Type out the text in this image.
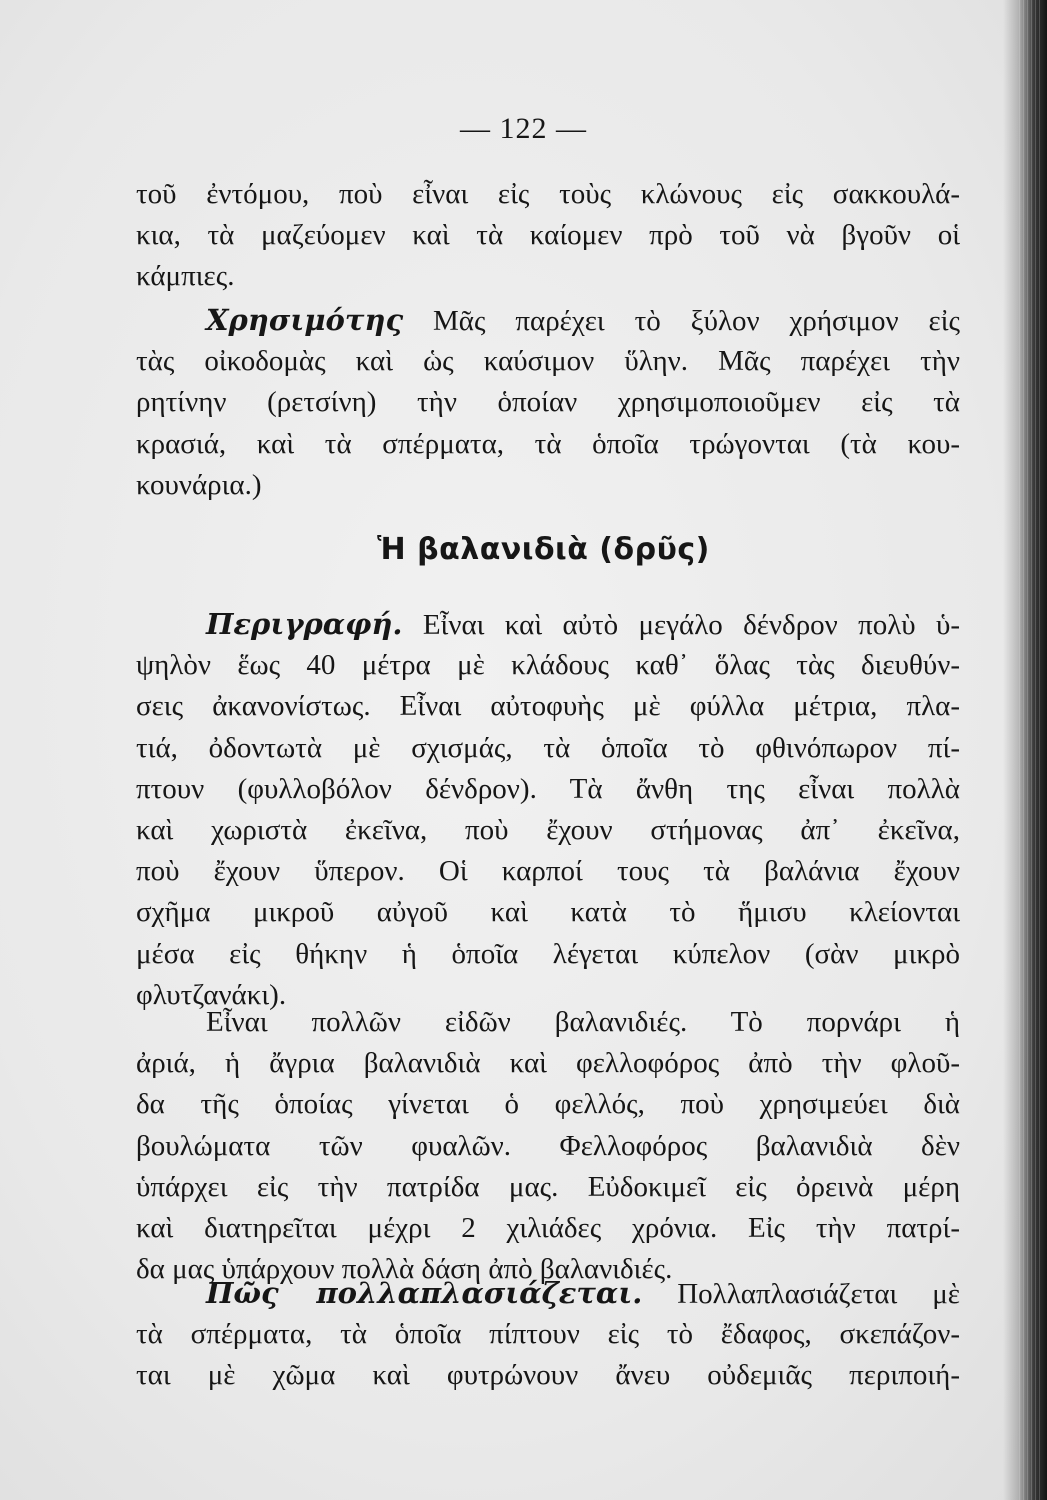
— 122 —
τοῦ ἐντόμου, ποὺ εἶναι εἰς τοὺς κλώνους εἰς σακκουλά-
κια, τὰ μαζεύομεν καὶ τὰ καίομεν πρὸ τοῦ νὰ βγοῦν οἱ
κάμπιες.
Χρησιμότης Μᾶς παρέχει τὸ ξύλον χρήσιμον εἰς
τὰς οἰκοδομὰς καὶ ὡς καύσιμον ὕλην. Μᾶς παρέχει τὴν
ρητίνην (ρετσίνη) τὴν ὁποίαν χρησιμοποιοῦμεν εἰς τὰ
κρασιά, καὶ τὰ σπέρματα, τὰ ὁποῖα τρώγονται (τὰ κου-
κουνάρια.)
Ἡ βαλανιδιὰ (δρῦς)
Περιγραφή. Εἶναι καὶ αὐτὸ μεγάλο δένδρον πολὺ ὑ-
ψηλὸν ἕως 40 μέτρα μὲ κλάδους καθ᾽ ὅλας τὰς διευθύν-
σεις ἀκανονίστως. Εἶναι αὐτοφυὴς μὲ φύλλα μέτρια, πλα-
τιά, ὀδοντωτὰ μὲ σχισμάς, τὰ ὁποῖα τὸ φθινόπωρον πί-
πτουν (φυλλοβόλον δένδρον). Τὰ ἄνθη της εἶναι πολλὰ
καὶ χωριστὰ ἐκεῖνα, ποὺ ἔχουν στήμονας ἀπ᾽ ἐκεῖνα,
ποὺ ἔχουν ὕπερον. Οἱ καρποί τους τὰ βαλάνια ἔχουν
σχῆμα μικροῦ αὐγοῦ καὶ κατὰ τὸ ἥμισυ κλείονται
μέσα εἰς θήκην ἡ ὁποῖα λέγεται κύπελον (σὰν μικρὸ
φλυτζανάκι).
Εἶναι πολλῶν εἰδῶν βαλανιδιές. Τὸ πορνάρι ἡ
ἀριά, ἡ ἄγρια βαλανιδιὰ καὶ φελλοφόρος ἀπὸ τὴν φλοῦ-
δα τῆς ὁποίας γίνεται ὁ φελλός, ποὺ χρησιμεύει διὰ
βουλώματα τῶν φυαλῶν. Φελλοφόρος βαλανιδιὰ δὲν
ὑπάρχει εἰς τὴν πατρίδα μας. Εὐδοκιμεῖ εἰς ὀρεινὰ μέρη
καὶ διατηρεῖται μέχρι 2 χιλιάδες χρόνια. Εἰς τὴν πατρί-
δα μας ὑπάρχουν πολλὰ δάση ἀπὸ βαλανιδιές.
Πῶς πολλαπλασιάζεται. Πολλαπλασιάζεται μὲ
τὰ σπέρματα, τὰ ὁποῖα πίπτουν εἰς τὸ ἔδαφος, σκεπάζον-
ται μὲ χῶμα καὶ φυτρώνουν ἄνευ οὐδεμιᾶς περιποιή-
